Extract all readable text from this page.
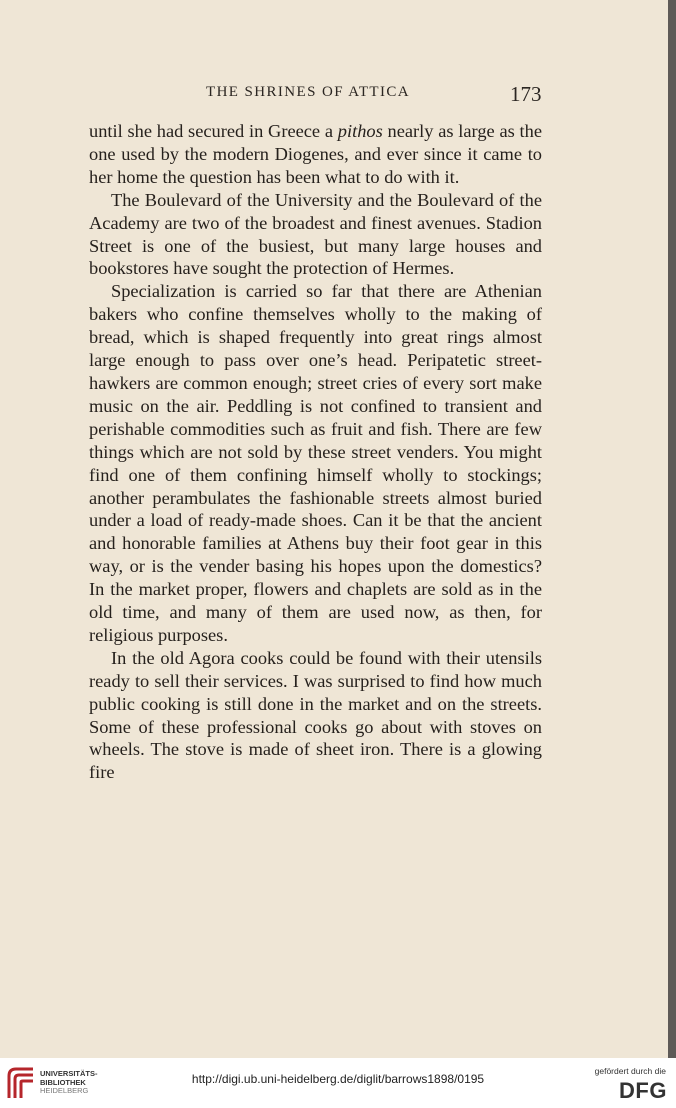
THE SHRINES OF ATTICA	173

until she had secured in Greece a pithos nearly as large as the one used by the modern Diogenes, and ever since it came to her home the question has been what to do with it.

The Boulevard of the University and the Boulevard of the Academy are two of the broadest and finest avenues. Stadion Street is one of the busiest, but many large houses and bookstores have sought the protection of Hermes.

Specialization is carried so far that there are Athenian bakers who confine themselves wholly to the making of bread, which is shaped frequently into great rings almost large enough to pass over one’s head. Peripatetic street-hawkers are common enough; street cries of every sort make music on the air. Peddling is not confined to transient and perishable commodities such as fruit and fish. There are few things which are not sold by these street venders. You might find one of them confining himself wholly to stockings; another perambulates the fashionable streets almost buried under a load of ready-made shoes. Can it be that the ancient and honorable families at Athens buy their foot gear in this way, or is the vender basing his hopes upon the domestics? In the market proper, flowers and chaplets are sold as in the old time, and many of them are used now, as then, for religious purposes.

In the old Agora cooks could be found with their utensils ready to sell their services. I was surprised to find how much public cooking is still done in the market and on the streets. Some of these professional cooks go about with stoves on wheels. The stove is made of sheet iron. There is a glowing fire

UNIVERSITÄTS-
BIBLIOTHEK
HEIDELBERG
http://digi.ub.uni-heidelberg.de/diglit/barrows1898/0195
gefördert durch die
DFG
